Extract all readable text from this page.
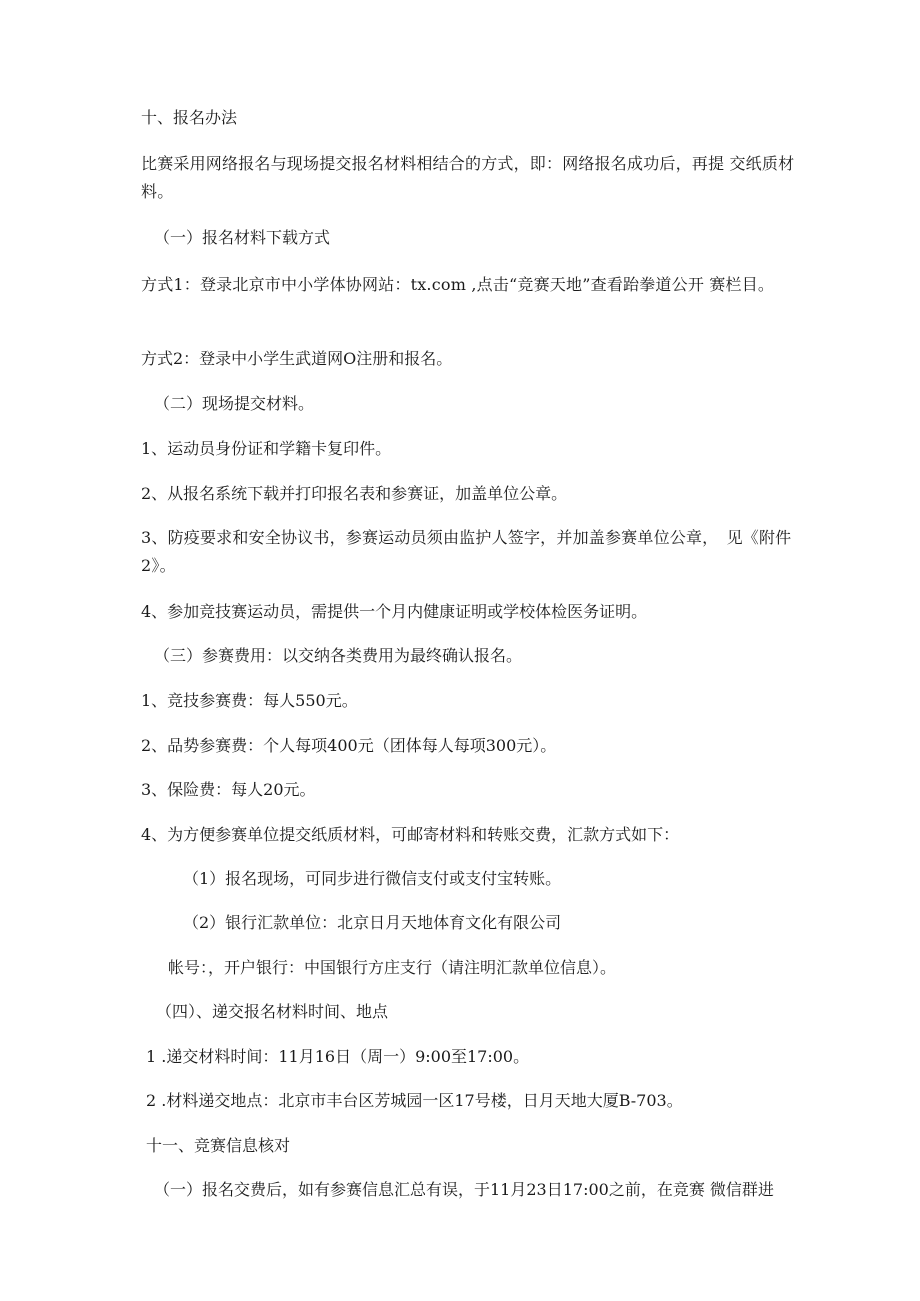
十、报名办法

比赛采用网络报名与现场提交报名材料相结合的方式，即：网络报名成功后，再提 交纸质材料。

（一）报名材料下载方式

方式1：登录北京市中小学体协网站：tx.com ,点击“竞赛天地”查看跆拳道公开 赛栏目。

方式2：登录中小学生武道网O注册和报名。

（二）现场提交材料。

1、运动员身份证和学籍卡复印件。

2、从报名系统下载并打印报名表和参赛证，加盖单位公章。

3、防疫要求和安全协议书，参赛运动员须由监护人签字，并加盖参赛单位公章，　见《附件2》。

4、参加竞技赛运动员，需提供一个月内健康证明或学校体检医务证明。

（三）参赛费用：以交纳各类费用为最终确认报名。

1、竞技参赛费：每人550元。

2、品势参赛费：个人每项400元（团体每人每项300元）。

3、保险费：每人20元。

4、为方便参赛单位提交纸质材料，可邮寄材料和转账交费，汇款方式如下：

（1）报名现场，可同步进行微信支付或支付宝转账。

（2）银行汇款单位：北京日月天地体育文化有限公司

帐号：，开户银行：中国银行方庄支行（请注明汇款单位信息）。

（四）、递交报名材料时间、地点

1 .递交材料时间：11月16日（周一）9:00至17:00。

2 .材料递交地点：北京市丰台区芳城园一区17号楼，日月天地大厦B-703。

十一、竞赛信息核对

（一）报名交费后，如有参赛信息汇总有误，于11月23日17:00之前，在竞赛 微信群进
